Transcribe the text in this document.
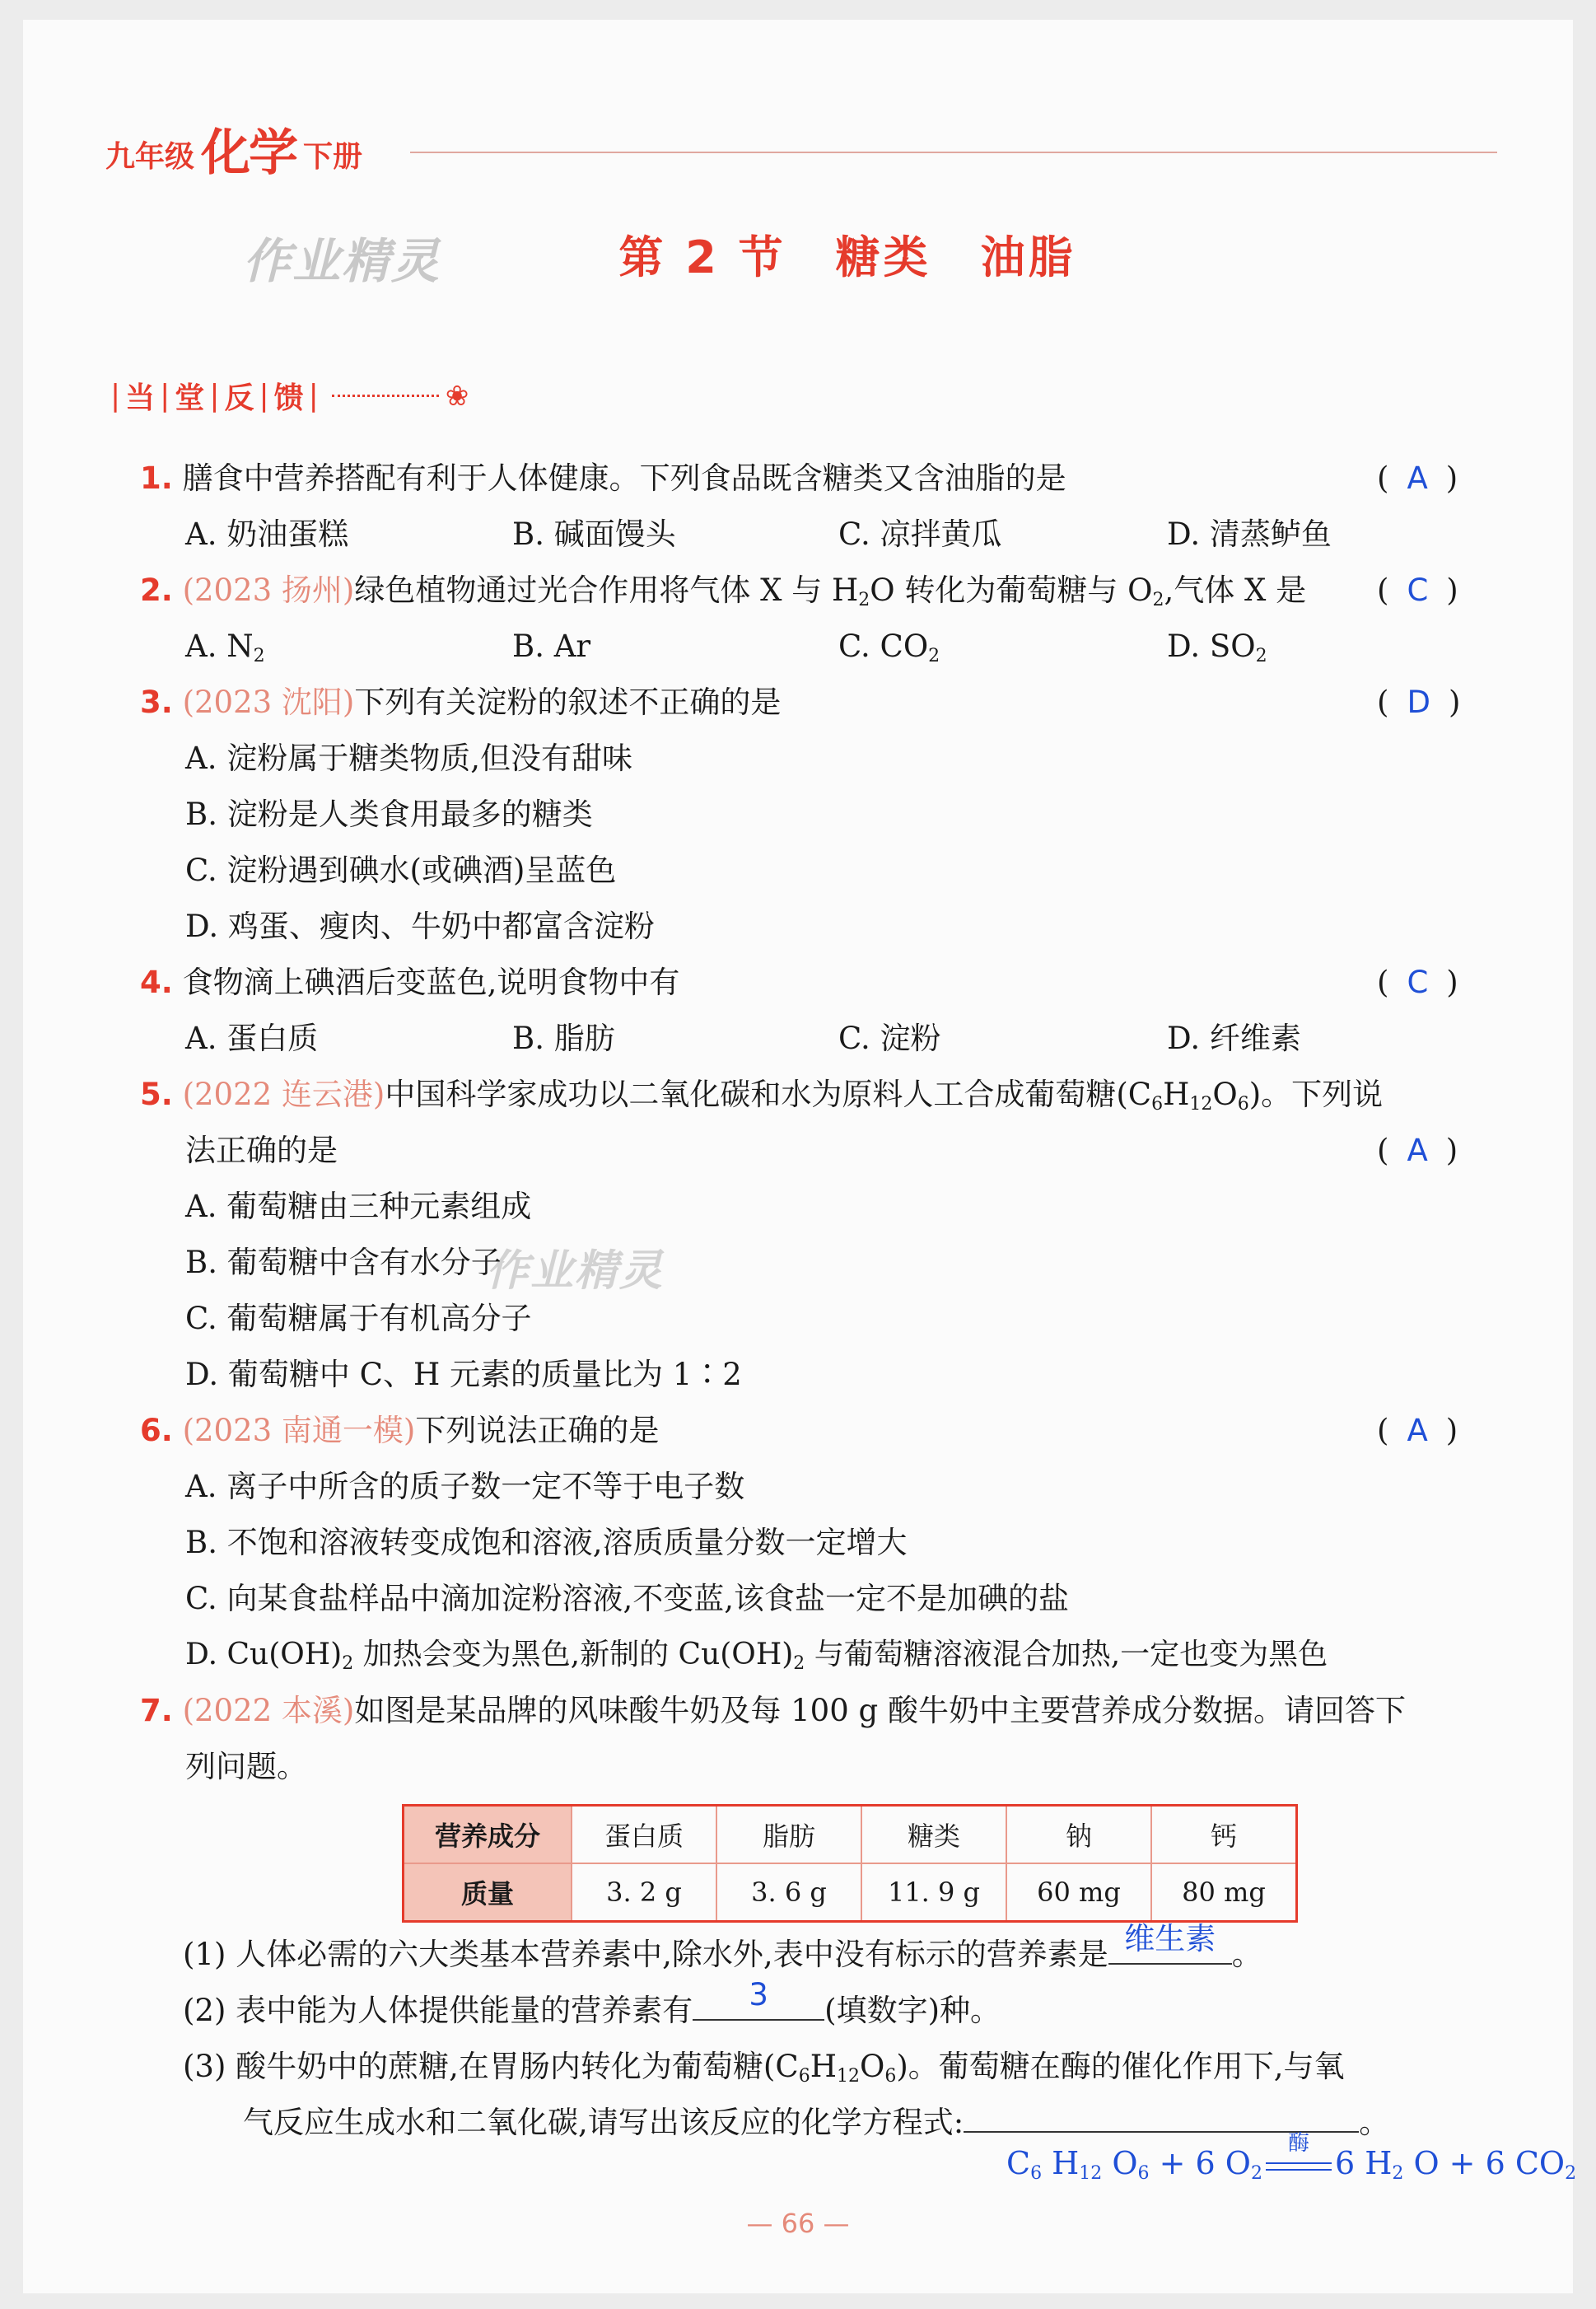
九年级 化学 下册
作业精灵
作业精灵
第 2 节 糖类 油脂
| 当 | 堂 | 反 | 馈 |	❀
1. 膳食中营养搭配有利于人体健康。下列食品既含糖类又含油脂的是	( A )
A. 奶油蛋糕	B. 碱面馒头	C. 凉拌黄瓜	D. 清蒸鲈鱼
2. (2023 扬州)绿色植物通过光合作用将气体 X 与 $H_2O$ 转化为葡萄糖与 $O_2$,气体 X 是 ( C )
A. $N_2$	B. Ar	C. $CO_2$	D. $SO_2$
3. (2023 沈阳)下列有关淀粉的叙述不正确的是	( D )
A. 淀粉属于糖类物质,但没有甜味
B. 淀粉是人类食用最多的糖类
C. 淀粉遇到碘水(或碘酒)呈蓝色
D. 鸡蛋、瘦肉、牛奶中都富含淀粉
4. 食物滴上碘酒后变蓝色,说明食物中有	( C )
A. 蛋白质	B. 脂肪	C. 淀粉	D. 纤维素
5. (2022 连云港)中国科学家成功以二氧化碳和水为原料人工合成葡萄糖$(C_6H_{12}O_6)$。下列说
法正确的是	( A )
A. 葡萄糖由三种元素组成
B. 葡萄糖中含有水分子
C. 葡萄糖属于有机高分子
D. 葡萄糖中 C、H 元素的质量比为 1∶2
6. (2023 南通一模)下列说法正确的是	( A )
A. 离子中所含的质子数一定不等于电子数
B. 不饱和溶液转变成饱和溶液,溶质质量分数一定增大
C. 向某食盐样品中滴加淀粉溶液,不变蓝,该食盐一定不是加碘的盐
D. $Cu(OH)_2$ 加热会变为黑色,新制的 $Cu(OH)_2$ 与葡萄糖溶液混合加热,一定也变为黑色
7. (2022 本溪)如图是某品牌的风味酸牛奶及每 100 g 酸牛奶中主要营养成分数据。请回答下
列问题。
营养成分	蛋白质	脂肪	糖类	钠	钙
质量	3. 2 g	3. 6 g	11. 9 g	60 mg	80 mg
(1) 人体必需的六大类基本营养素中,除水外,表中没有标示的营养素是 维生素 。
(2) 表中能为人体提供能量的营养素有	3	(填数字)种。
(3) 酸牛奶中的蔗糖,在胃肠内转化为葡萄糖$(C_6H_{12}O_6)$。葡萄糖在酶的催化作用下,与氧
气反应生成水和二氧化碳,请写出该反应的化学方程式:	。
$C_6$ $H_{12}$ $O_6 + 6$ $O_2$
酶
6 $H_2$ O + 6 $CO_2$
— 66 —
